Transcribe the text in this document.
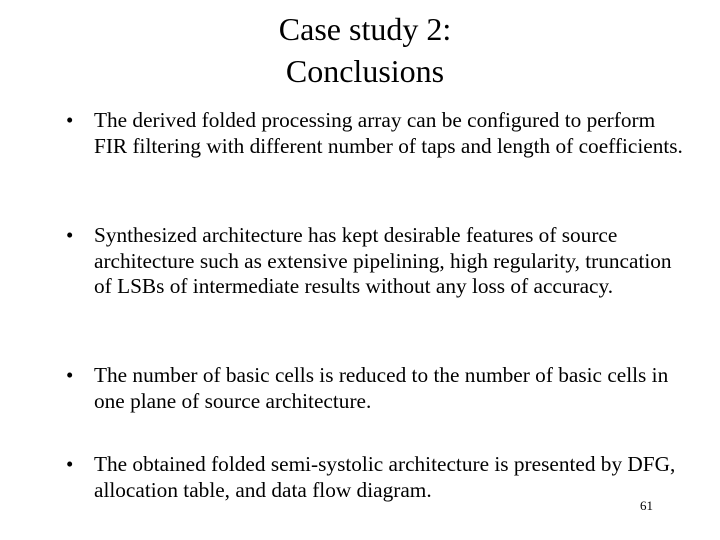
Case study 2:
Conclusions
• The derived folded processing array can be configured to perform FIR filtering with different number of taps and length of coefficients.
• Synthesized architecture has kept desirable features of source architecture such as extensive pipelining, high regularity, truncation of LSBs of intermediate results without any loss of accuracy.
• The number of basic cells is reduced to the number of basic cells in one plane of source architecture.
• The obtained folded semi-systolic architecture is presented by DFG, allocation table, and data flow diagram.
61
